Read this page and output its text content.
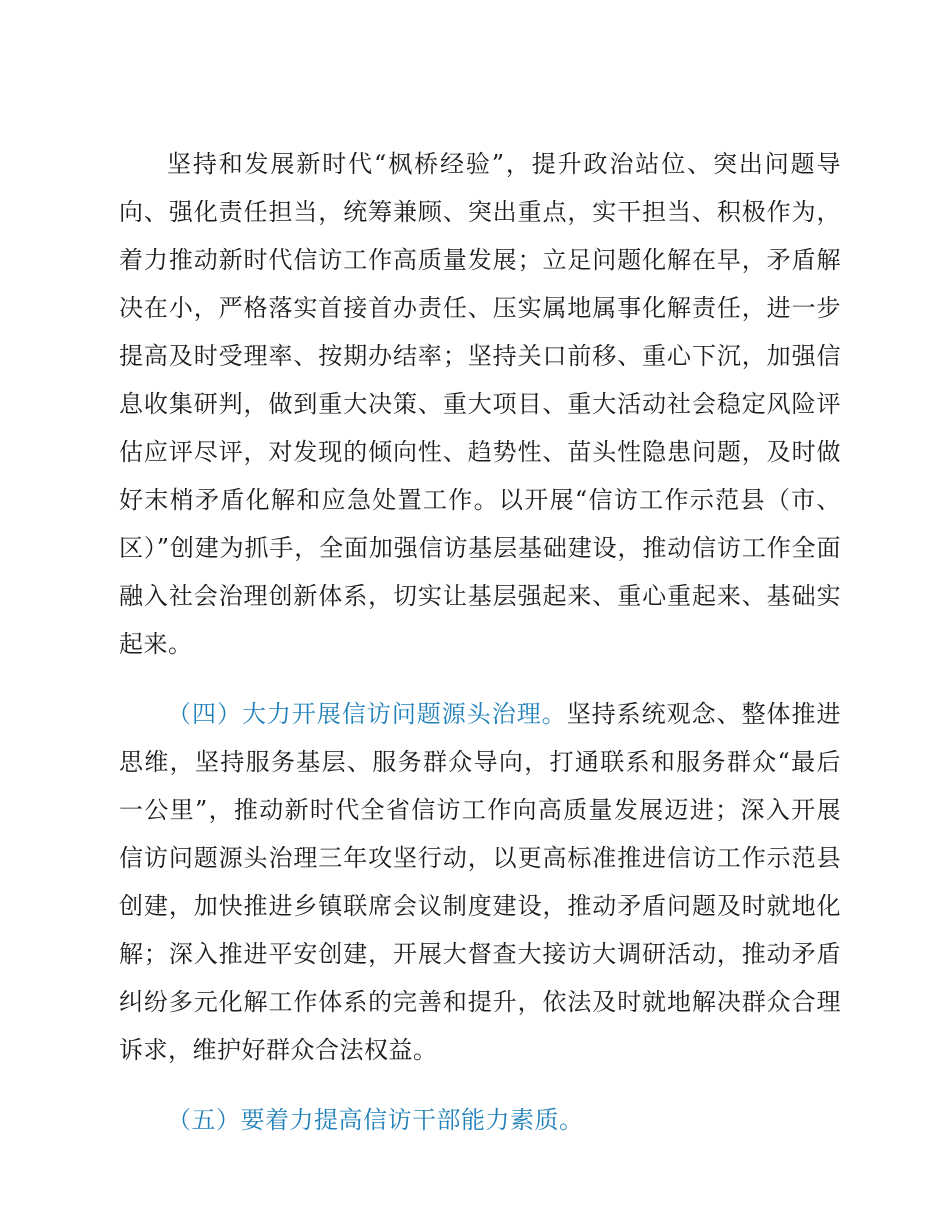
坚持和发展新时代“枫桥经验”，提升政治站位、突出问题导向、强化责任担当，统筹兼顾、突出重点，实干担当、积极作为，着力推动新时代信访工作高质量发展；立足问题化解在早，矛盾解决在小，严格落实首接首办责任、压实属地属事化解责任，进一步提高及时受理率、按期办结率；坚持关口前移、重心下沉，加强信息收集研判，做到重大决策、重大项目、重大活动社会稳定风险评估应评尽评，对发现的倾向性、趋势性、苗头性隐患问题，及时做好末梢矛盾化解和应急处置工作。以开展“信访工作示范县（市、区）”创建为抓手，全面加强信访基层基础建设，推动信访工作全面融入社会治理创新体系，切实让基层强起来、重心重起来、基础实起来。

（四）大力开展信访问题源头治理。坚持系统观念、整体推进思维，坚持服务基层、服务群众导向，打通联系和服务群众“最后一公里”，推动新时代全省信访工作向高质量发展迈进；深入开展信访问题源头治理三年攻坚行动，以更高标准推进信访工作示范县创建，加快推进乡镇联席会议制度建设，推动矛盾问题及时就地化解；深入推进平安创建，开展大督查大接访大调研活动，推动矛盾纠纷多元化解工作体系的完善和提升，依法及时就地解决群众合理诉求，维护好群众合法权益。

（五）要着力提高信访干部能力素质。
